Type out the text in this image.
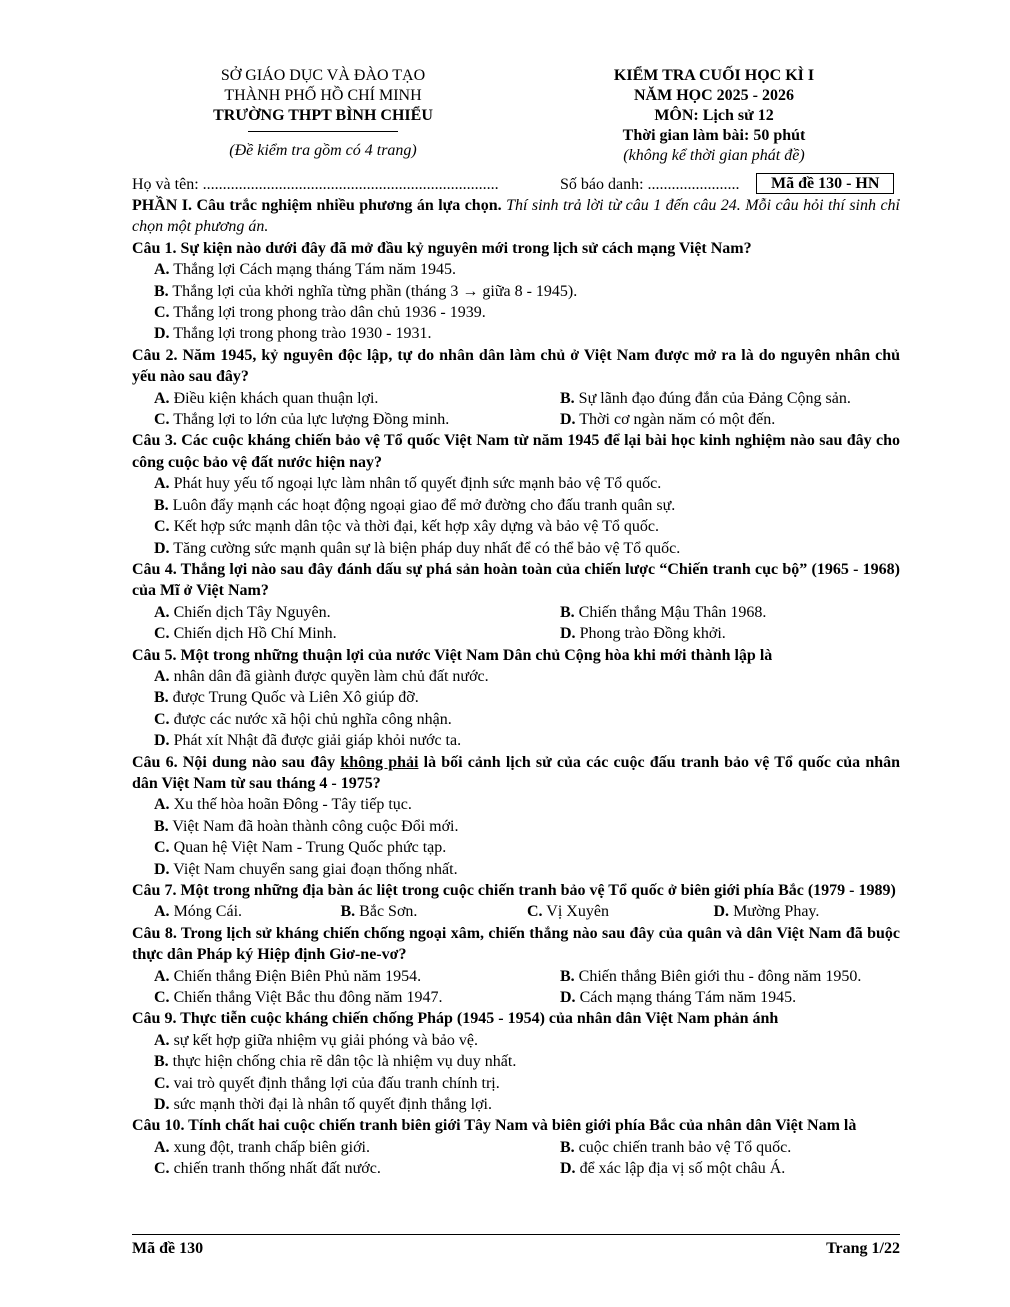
SỞ GIÁO DỤC VÀ ĐÀO TẠO
THÀNH PHỐ HỒ CHÍ MINH
TRƯỜNG THPT BÌNH CHIỂU
(Đề kiểm tra gồm có 4 trang)
KIỂM TRA CUỐI HỌC KÌ I
NĂM HỌC 2025 - 2026
MÔN: Lịch sử 12
Thời gian làm bài: 50 phút
(không kể thời gian phát đề)
Họ và tên: ..........................................................................	Số báo danh: .......................	Mã đề 130 - HN
PHẦN I. Câu trắc nghiệm nhiều phương án lựa chọn. Thí sinh trả lời từ câu 1 đến câu 24. Mỗi câu hỏi thí sinh chỉ chọn một phương án.
Câu 1. Sự kiện nào dưới đây đã mở đầu kỷ nguyên mới trong lịch sử cách mạng Việt Nam?
A. Thắng lợi Cách mạng tháng Tám năm 1945.
B. Thắng lợi của khởi nghĩa từng phần (tháng 3 → giữa 8 - 1945).
C. Thắng lợi trong phong trào dân chủ 1936 - 1939.
D. Thắng lợi trong phong trào 1930 - 1931.
Câu 2. Năm 1945, kỷ nguyên độc lập, tự do nhân dân làm chủ ở Việt Nam được mở ra là do nguyên nhân chủ yếu nào sau đây?
A. Điều kiện khách quan thuận lợi.	B. Sự lãnh đạo đúng đắn của Đảng Cộng sản.
C. Thắng lợi to lớn của lực lượng Đồng minh.	D. Thời cơ ngàn năm có một đến.
Câu 3. Các cuộc kháng chiến bảo vệ Tổ quốc Việt Nam từ năm 1945 để lại bài học kinh nghiệm nào sau đây cho công cuộc bảo vệ đất nước hiện nay?
A. Phát huy yếu tố ngoại lực làm nhân tố quyết định sức mạnh bảo vệ Tổ quốc.
B. Luôn đẩy mạnh các hoạt động ngoại giao để mở đường cho đấu tranh quân sự.
C. Kết hợp sức mạnh dân tộc và thời đại, kết hợp xây dựng và bảo vệ Tổ quốc.
D. Tăng cường sức mạnh quân sự là biện pháp duy nhất để có thể bảo vệ Tổ quốc.
Câu 4. Thắng lợi nào sau đây đánh dấu sự phá sản hoàn toàn của chiến lược “Chiến tranh cục bộ” (1965 - 1968) của Mĩ ở Việt Nam?
A. Chiến dịch Tây Nguyên.	B. Chiến thắng Mậu Thân 1968.
C. Chiến dịch Hồ Chí Minh.	D. Phong trào Đồng khởi.
Câu 5. Một trong những thuận lợi của nước Việt Nam Dân chủ Cộng hòa khi mới thành lập là
A. nhân dân đã giành được quyền làm chủ đất nước.
B. được Trung Quốc và Liên Xô giúp đỡ.
C. được các nước xã hội chủ nghĩa công nhận.
D. Phát xít Nhật đã được giải giáp khỏi nước ta.
Câu 6. Nội dung nào sau đây không phải là bối cảnh lịch sử của các cuộc đấu tranh bảo vệ Tổ quốc của nhân dân Việt Nam từ sau tháng 4 - 1975?
A. Xu thế hòa hoãn Đông - Tây tiếp tục.
B. Việt Nam đã hoàn thành công cuộc Đổi mới.
C. Quan hệ Việt Nam - Trung Quốc phức tạp.
D. Việt Nam chuyển sang giai đoạn thống nhất.
Câu 7. Một trong những địa bàn ác liệt trong cuộc chiến tranh bảo vệ Tổ quốc ở biên giới phía Bắc (1979 - 1989)
A. Móng Cái.	B. Bắc Sơn.	C. Vị Xuyên	D. Mường Phay.
Câu 8. Trong lịch sử kháng chiến chống ngoại xâm, chiến thắng nào sau đây của quân và dân Việt Nam đã buộc thực dân Pháp ký Hiệp định Giơ-ne-vơ?
A. Chiến thắng Điện Biên Phủ năm 1954.	B. Chiến thắng Biên giới thu - đông năm 1950.
C. Chiến thắng Việt Bắc thu đông năm 1947.	D. Cách mạng tháng Tám năm 1945.
Câu 9. Thực tiễn cuộc kháng chiến chống Pháp (1945 - 1954) của nhân dân Việt Nam phản ánh
A. sự kết hợp giữa nhiệm vụ giải phóng và bảo vệ.
B. thực hiện chống chia rẽ dân tộc là nhiệm vụ duy nhất.
C. vai trò quyết định thắng lợi của đấu tranh chính trị.
D. sức mạnh thời đại là nhân tố quyết định thắng lợi.
Câu 10. Tính chất hai cuộc chiến tranh biên giới Tây Nam và biên giới phía Bắc của nhân dân Việt Nam là
A. xung đột, tranh chấp biên giới.	B. cuộc chiến tranh bảo vệ Tổ quốc.
C. chiến tranh thống nhất đất nước.	D. để xác lập địa vị số một châu Á.
Mã đề 130	Trang 1/22
